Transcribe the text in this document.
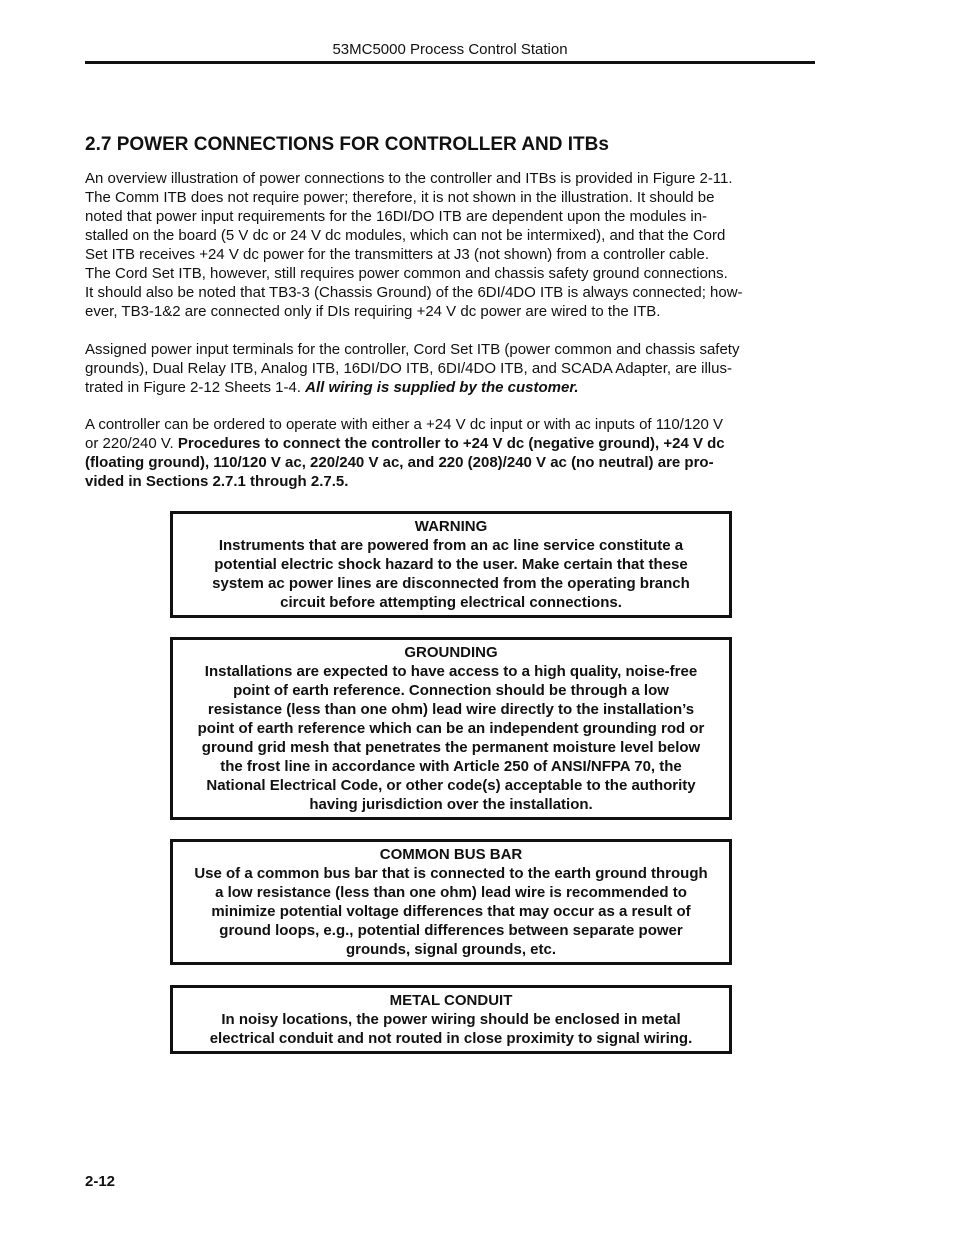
53MC5000 Process Control Station
2.7 POWER CONNECTIONS FOR CONTROLLER AND ITBs

An overview illustration of power connections to the controller and ITBs is provided in Figure 2-11.
The Comm ITB does not require power; therefore, it is not shown in the illustration. It should be
noted that power input requirements for the 16DI/DO ITB are dependent upon the modules in-
stalled on the board (5 V dc or 24 V dc modules, which can not be intermixed), and that the Cord
Set ITB receives +24 V dc power for the transmitters at J3 (not shown) from a controller cable.
The Cord Set ITB, however, still requires power common and chassis safety ground connections.
It should also be noted that TB3-3 (Chassis Ground) of the 6DI/4DO ITB is always connected; how-
ever, TB3-1&2 are connected only if DIs requiring +24 V dc power are wired to the ITB.

Assigned power input terminals for the controller, Cord Set ITB (power common and chassis safety
grounds), Dual Relay ITB, Analog ITB, 16DI/DO ITB, 6DI/4DO ITB, and SCADA Adapter, are illus-
trated in Figure 2-12 Sheets 1-4. All wiring is supplied by the customer.

A controller can be ordered to operate with either a +24 V dc input or with ac inputs of 110/120 V
or 220/240 V. Procedures to connect the controller to +24 V dc (negative ground), +24 V dc
(floating ground), 110/120 V ac, 220/240 V ac, and 220 (208)/240 V ac (no neutral) are pro-
vided in Sections 2.7.1 through 2.7.5.

WARNING
Instruments that are powered from an ac line service constitute a
potential electric shock hazard to the user. Make certain that these
system ac power lines are disconnected from the operating branch
circuit before attempting electrical connections.
GROUNDING
Installations are expected to have access to a high quality, noise-free
point of earth reference. Connection should be through a low
resistance (less than one ohm) lead wire directly to the installation’s
point of earth reference which can be an independent grounding rod or
ground grid mesh that penetrates the permanent moisture level below
the frost line in accordance with Article 250 of ANSI/NFPA 70, the
National Electrical Code, or other code(s) acceptable to the authority
having jurisdiction over the installation.
COMMON BUS BAR
Use of a common bus bar that is connected to the earth ground through
a low resistance (less than one ohm) lead wire is recommended to
minimize potential voltage differences that may occur as a result of
ground loops, e.g., potential differences between separate power
grounds, signal grounds, etc.
METAL CONDUIT
In noisy locations, the power wiring should be enclosed in metal
electrical conduit and not routed in close proximity to signal wiring.
2-12
